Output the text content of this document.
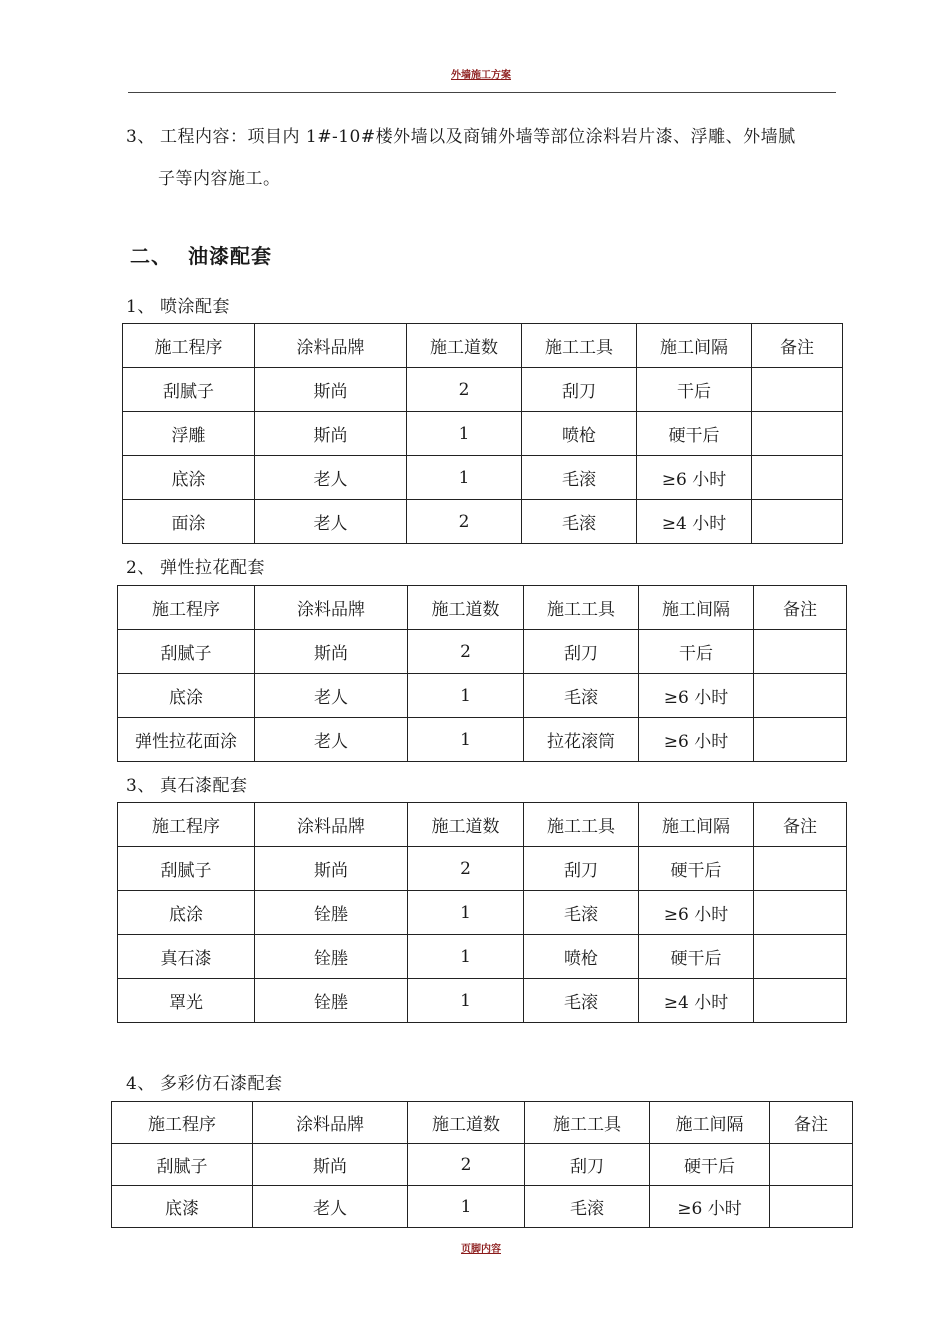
外墙施工方案
3、 工程内容：项目内 1#-10#楼外墙以及商铺外墙等部位涂料岩片漆、浮雕、外墙腻
子等内容施工。
二、 油漆配套
1、 喷涂配套
施工程序	涂料品牌	施工道数	施工工具	施工间隔	备注
刮腻子	斯尚	2	刮刀	干后	
浮雕	斯尚	1	喷枪	硬干后	
底涂	老人	1	毛滚	≥6 小时	
面涂	老人	2	毛滚	≥4 小时	
2、 弹性拉花配套
施工程序	涂料品牌	施工道数	施工工具	施工间隔	备注
刮腻子	斯尚	2	刮刀	干后	
底涂	老人	1	毛滚	≥6 小时	
弹性拉花面涂	老人	1	拉花滚筒	≥6 小时	
3、 真石漆配套
施工程序	涂料品牌	施工道数	施工工具	施工间隔	备注
刮腻子	斯尚	2	刮刀	硬干后	
底涂	铨塍	1	毛滚	≥6 小时	
真石漆	铨塍	1	喷枪	硬干后	
罩光	铨塍	1	毛滚	≥4 小时	
4、 多彩仿石漆配套
施工程序	涂料品牌	施工道数	施工工具	施工间隔	备注
刮腻子	斯尚	2	刮刀	硬干后	
底漆	老人	1	毛滚	≥6 小时	
页脚内容
